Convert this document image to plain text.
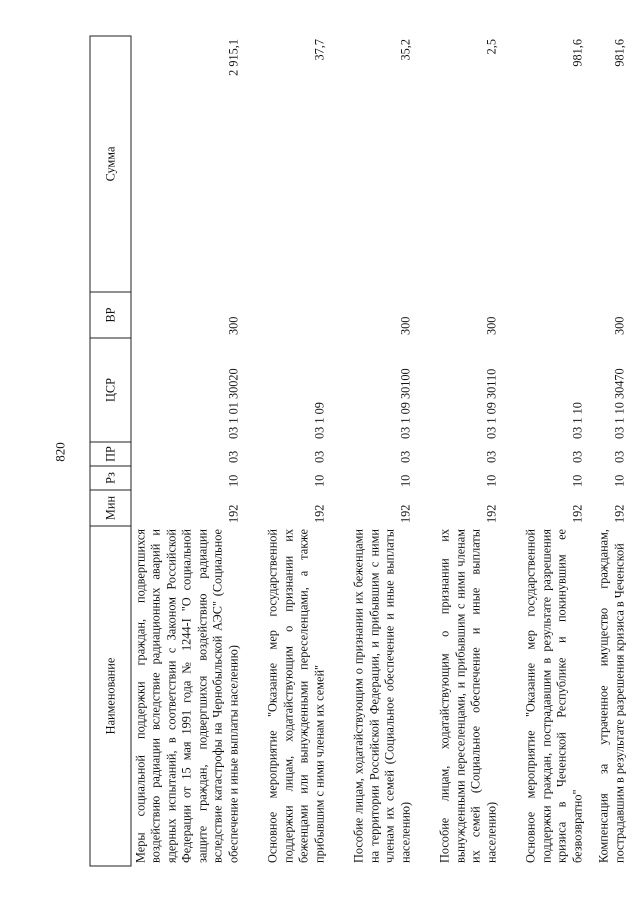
820
Наименование	Мин	Рз	ПР	ЦСР	ВР	Сумма
Меры социальной поддержки граждан, подвергшихся воздействию радиации вследствие радиационных аварий и ядерных испытаний, в соответствии с Законом Российской Федерации от 15 мая 1991 года № 1244-I "О социальной защите граждан, подвергшихся воздействию радиации вследствие катастрофы на Чернобыльской АЭС" (Социальное обеспечение и иные выплаты населению)	192	10	03	03 1 01 30020	300	2 915,1
Основное мероприятие "Оказание мер государственной поддержки лицам, ходатайствующим о признании их беженцами или вынужденными переселенцами, а также прибывшим с ними членам их семей"	192	10	03	03 1 09		37,7
Пособие лицам, ходатайствующим о признании их беженцами на территории Российской Федерации, и прибывшим с ними членам их семей (Социальное обеспечение и иные выплаты населению)	192	10	03	03 1 09 30100	300	35,2
Пособие лицам, ходатайствующим о признании их вынужденными переселенцами, и прибывшим с ними членам их семей (Социальное обеспечение и иные выплаты населению)	192	10	03	03 1 09 30110	300	2,5
Основное мероприятие "Оказание мер государственной поддержки граждан, пострадавшим в результате разрешения кризиса в Чеченской Республике и покинувшим ее безвозвратно"	192	10	03	03 1 10		981,6
Компенсация за утраченное имущество гражданам, пострадавшим в результате разрешения кризиса в Чеченской	192	10	03	03 1 10 30470	300	981,6
